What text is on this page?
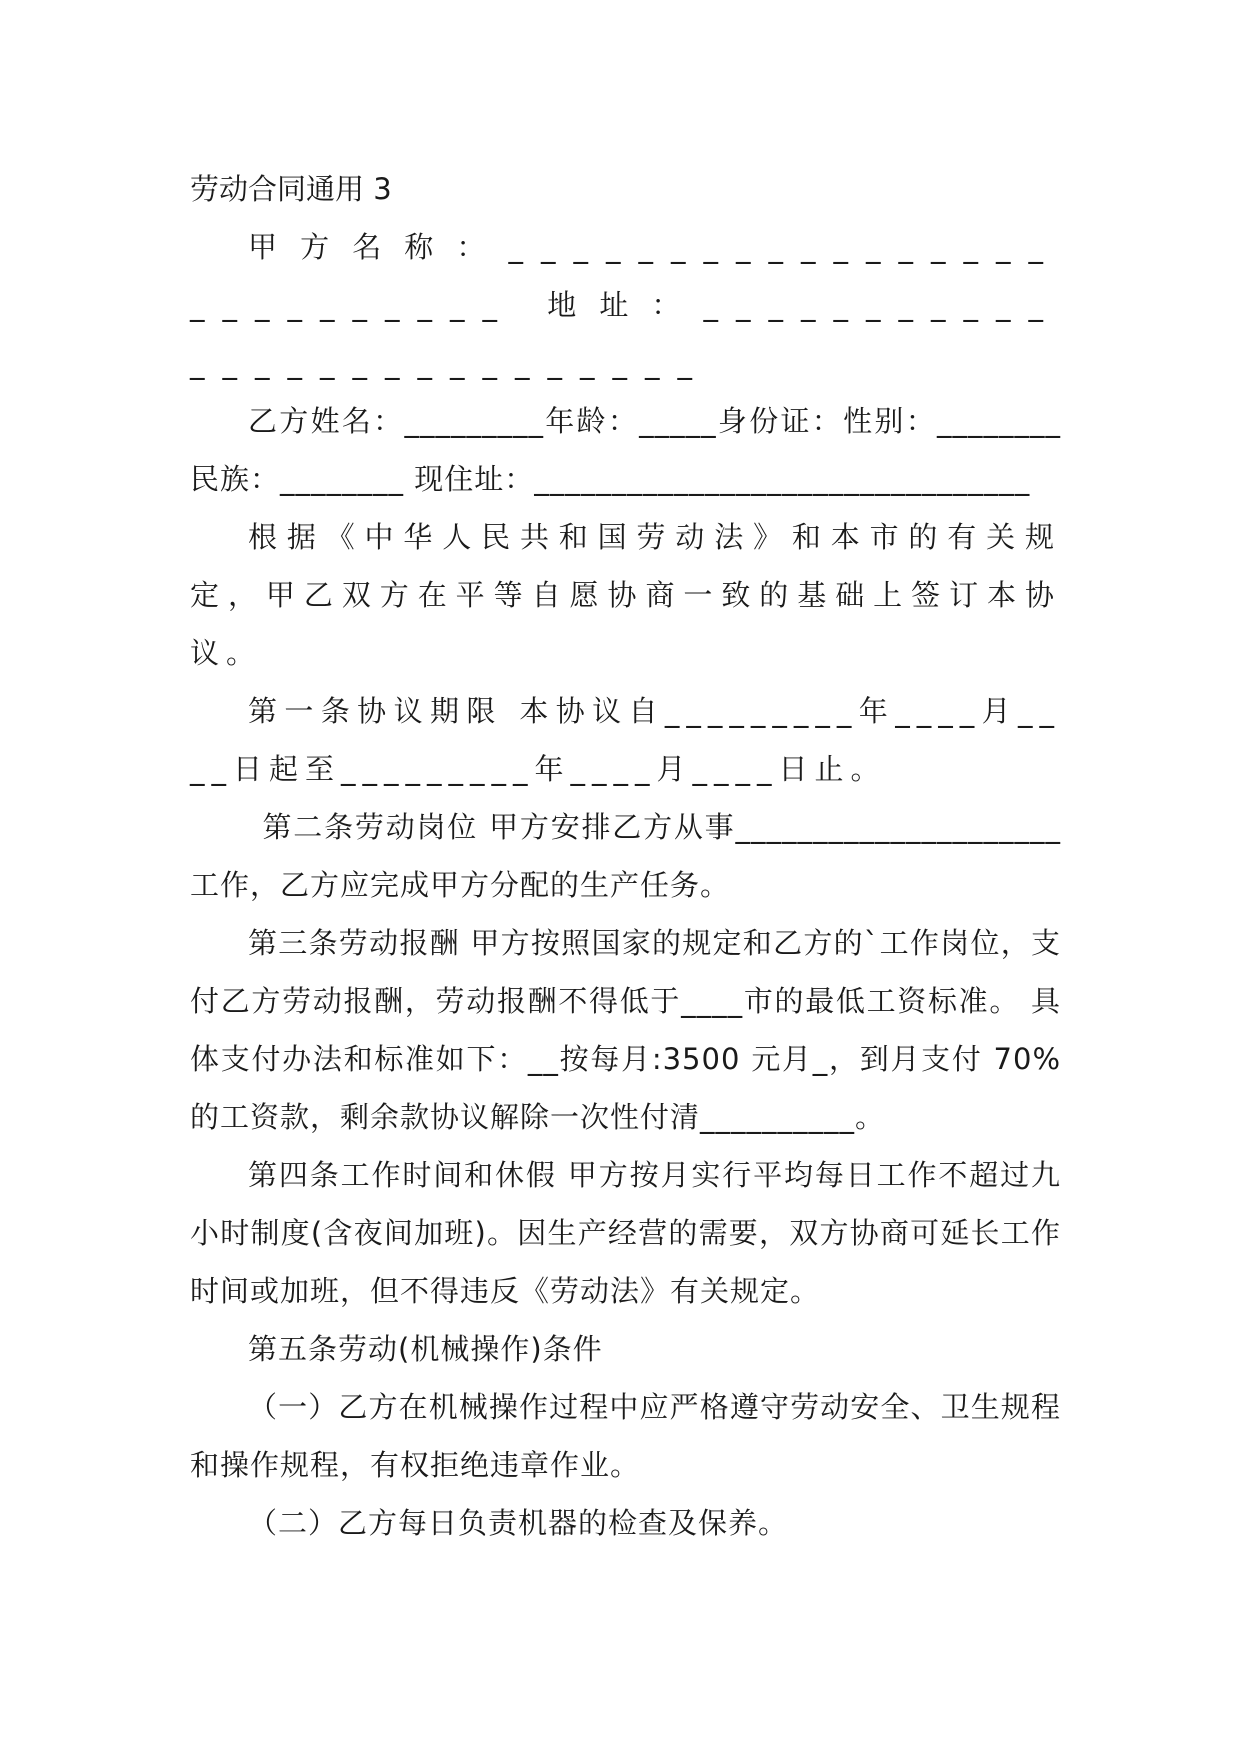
劳动合同通用 3

甲方名称：___________________________ 地址：___________________________

乙方姓名：_________年龄：_____身份证：性别：________民族：________ 现住址：________________________________

根据《中华人民共和国劳动法》和本市的有关规定，甲乙双方在平等自愿协商一致的基础上签订本协议。

第一条协议期限 本协议自_________年____月____日起至_________年____月____日止。

第二条劳动岗位 甲方安排乙方从事_____________________工作，乙方应完成甲方分配的生产任务。

第三条劳动报酬 甲方按照国家的规定和乙方的`工作岗位，支付乙方劳动报酬，劳动报酬不得低于____市的最低工资标准。 具体支付办法和标准如下：__按每月:3500 元月_，到月支付 70%的工资款，剩余款协议解除一次性付清__________。

第四条工作时间和休假 甲方按月实行平均每日工作不超过九小时制度(含夜间加班)。因生产经营的需要，双方协商可延长工作时间或加班，但不得违反《劳动法》有关规定。

第五条劳动(机械操作)条件

（一）乙方在机械操作过程中应严格遵守劳动安全、卫生规程和操作规程，有权拒绝违章作业。

（二）乙方每日负责机器的检查及保养。
